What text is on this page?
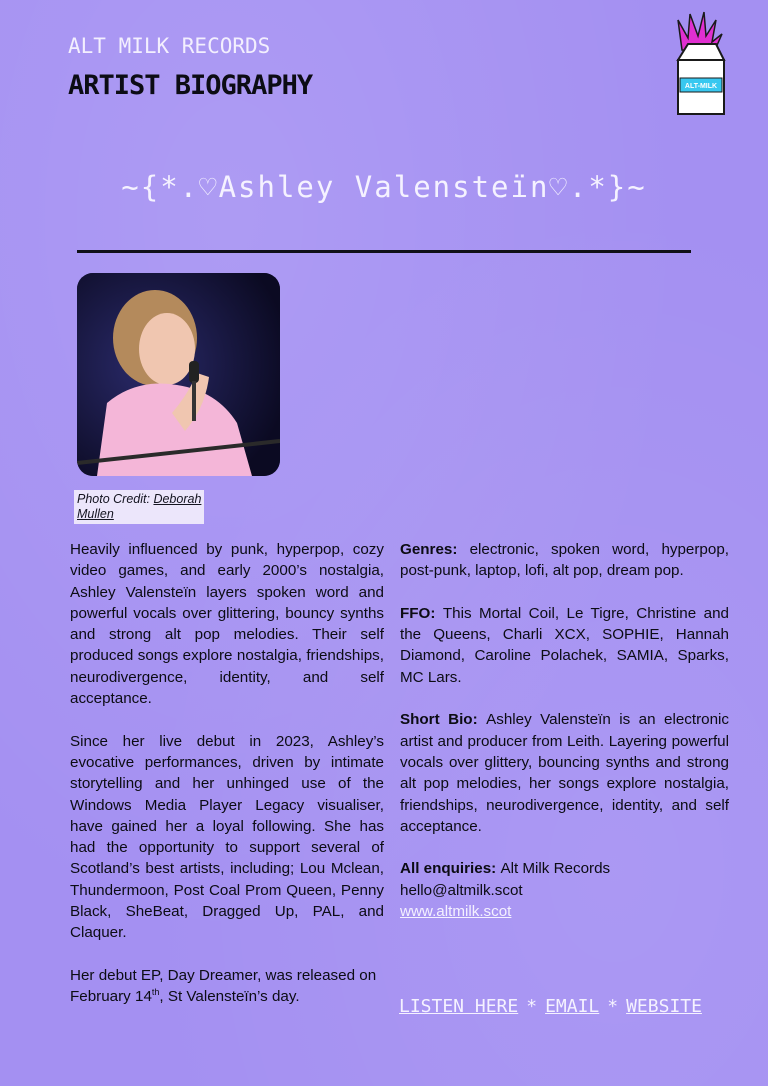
ALT MILK RECORDS
ARTIST BIOGRAPHY	ALT-MILK
~{*.♡Ashley Valensteïn♡.*}~
Photo Credit: Deborah
Mullen

Heavily influenced by punk, hyperpop, cozy video games, and early 2000’s nostalgia, Ashley Valensteïn layers spoken word and powerful vocals over glittering, bouncy synths and strong alt pop melodies. Their self produced songs explore nostalgia, friendships, neurodivergence, identity, and self acceptance.

Since her live debut in 2023, Ashley’s evocative performances, driven by intimate storytelling and her unhinged use of the Windows Media Player Legacy visualiser, have gained her a loyal following. She has had the opportunity to support several of Scotland’s best artists, including; Lou Mclean, Thundermoon, Post Coal Prom Queen, Penny Black, SheBeat, Dragged Up, PAL, and Claquer.

Her debut EP, Day Dreamer, was released on February 14th, St Valensteïn’s day.

Genres: electronic, spoken word, hyperpop, post-punk, laptop, lofi, alt pop, dream pop.

FFO: This Mortal Coil, Le Tigre, Christine and the Queens, Charli XCX, SOPHIE, Hannah Diamond, Caroline Polachek, SAMIA, Sparks, MC Lars.

Short Bio: Ashley Valensteïn is an electronic artist and producer from Leith. Layering powerful vocals over glittery, bouncing synths and strong alt pop melodies, her songs explore nostalgia, friendships, neurodivergence, identity, and self acceptance.

All enquiries: Alt Milk Records
hello@altmilk.scot
www.altmilk.scot

LISTEN HERE * EMAIL * WEBSITE
